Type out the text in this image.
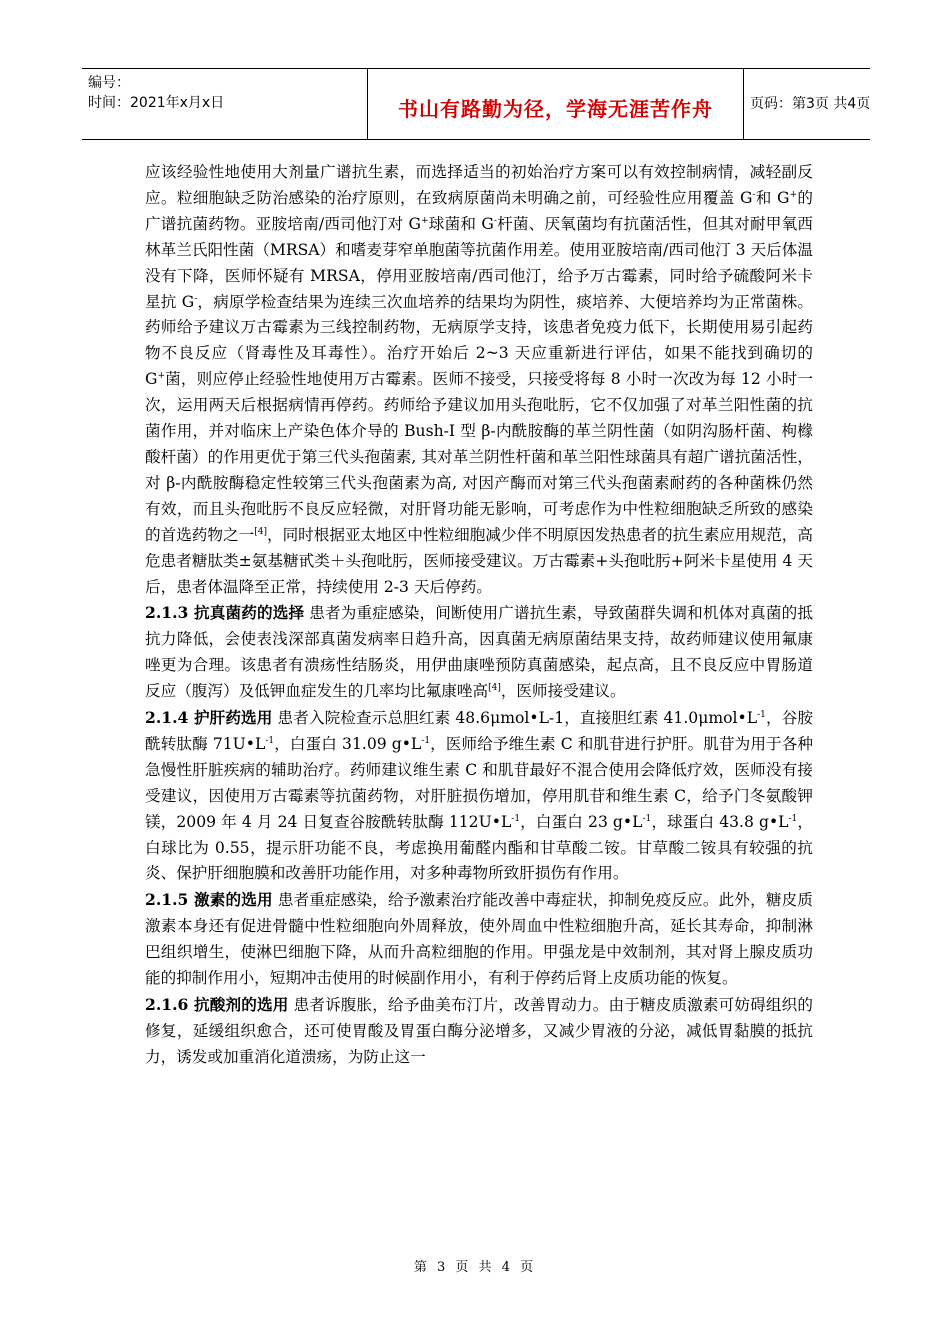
编号：
时间：2021年x月x日	书山有路勤为径，学海无涯苦作舟	页码：第3页 共4页

应该经验性地使用大剂量广谱抗生素，而选择适当的初始治疗方案可以有效控制病情，减轻副反应。粒细胞缺乏防治感染的治疗原则，在致病原菌尚未明确之前，可经验性应用覆盖 G-和 G+的广谱抗菌药物。亚胺培南/西司他汀对 G+球菌和 G-杆菌、厌氧菌均有抗菌活性，但其对耐甲氧西林革兰氏阳性菌（MRSA）和嗜麦芽窄单胞菌等抗菌作用差。使用亚胺培南/西司他汀 3 天后体温没有下降，医师怀疑有 MRSA，停用亚胺培南/西司他汀，给予万古霉素，同时给予硫酸阿米卡星抗 G-，病原学检查结果为连续三次血培养的结果均为阴性，痰培养、大便培养均为正常菌株。药师给予建议万古霉素为三线控制药物，无病原学支持，该患者免疫力低下，长期使用易引起药物不良反应（肾毒性及耳毒性）。治疗开始后 2~3 天应重新进行评估，如果不能找到确切的 G+菌，则应停止经验性地使用万古霉素。医师不接受，只接受将每 8 小时一次改为每 12 小时一次，运用两天后根据病情再停药。药师给予建议加用头孢吡肟，它不仅加强了对革兰阳性菌的抗菌作用，并对临床上产染色体介导的 Bush-I 型 β-内酰胺酶的革兰阴性菌（如阴沟肠杆菌、枸橼酸杆菌）的作用更优于第三代头孢菌素, 其对革兰阴性杆菌和革兰阳性球菌具有超广谱抗菌活性，对 β-内酰胺酶稳定性较第三代头孢菌素为高, 对因产酶而对第三代头孢菌素耐药的各种菌株仍然有效，而且头孢吡肟不良反应轻微，对肝肾功能无影响，可考虑作为中性粒细胞缺乏所致的感染的首选药物之一[4]，同时根据亚太地区中性粒细胞减少伴不明原因发热患者的抗生素应用规范，高危患者糖肽类±氨基糖甙类＋头孢吡肟，医师接受建议。万古霉素+头孢吡肟+阿米卡星使用 4 天后，患者体温降至正常，持续使用 2-3 天后停药。

2.1.3 抗真菌药的选择 患者为重症感染，间断使用广谱抗生素，导致菌群失调和机体对真菌的抵抗力降低，会使表浅深部真菌发病率日趋升高，因真菌无病原菌结果支持，故药师建议使用氟康唑更为合理。该患者有溃疡性结肠炎，用伊曲康唑预防真菌感染，起点高，且不良反应中胃肠道反应（腹泻）及低钾血症发生的几率均比氟康唑高[4]，医师接受建议。

2.1.4 护肝药选用 患者入院检查示总胆红素 48.6μmol•L-1，直接胆红素 $41.0\mu mol•L^{-1}$，谷胺酰转肽酶 $71U•L^{-1}$，白蛋白 31.09 $g•L^{-1}$，医师给予维生素 C 和肌苷进行护肝。肌苷为用于各种急慢性肝脏疾病的辅助治疗。药师建议维生素 C 和肌苷最好不混合使用会降低疗效，医师没有接受建议，因使用万古霉素等抗菌药物，对肝脏损伤增加，停用肌苷和维生素 C，给予门冬氨酸钾镁，2009 年 4 月 24 日复查谷胺酰转肽酶 $112U•L^{-1}$，白蛋白 23 $g•L^{-1}$，球蛋白 43.8 $g•L^{-1}$，白球比为 0.55，提示肝功能不良，考虑换用葡醛内酯和甘草酸二铵。甘草酸二铵具有较强的抗炎、保护肝细胞膜和改善肝功能作用，对多种毒物所致肝损伤有作用。

2.1.5 激素的选用 患者重症感染，给予激素治疗能改善中毒症状，抑制免疫反应。此外，糖皮质激素本身还有促进骨髓中性粒细胞向外周释放，使外周血中性粒细胞升高，延长其寿命，抑制淋巴组织增生，使淋巴细胞下降，从而升高粒细胞的作用。甲强龙是中效制剂，其对肾上腺皮质功能的抑制作用小，短期冲击使用的时候副作用小，有利于停药后肾上皮质功能的恢复。

2.1.6 抗酸剂的选用 患者诉腹胀，给予曲美布汀片，改善胃动力。由于糖皮质激素可妨碍组织的修复，延缓组织愈合，还可使胃酸及胃蛋白酶分泌增多，又减少胃液的分泌，减低胃黏膜的抵抗力，诱发或加重消化道溃疡，为防止这一

第 3 页 共 4 页
